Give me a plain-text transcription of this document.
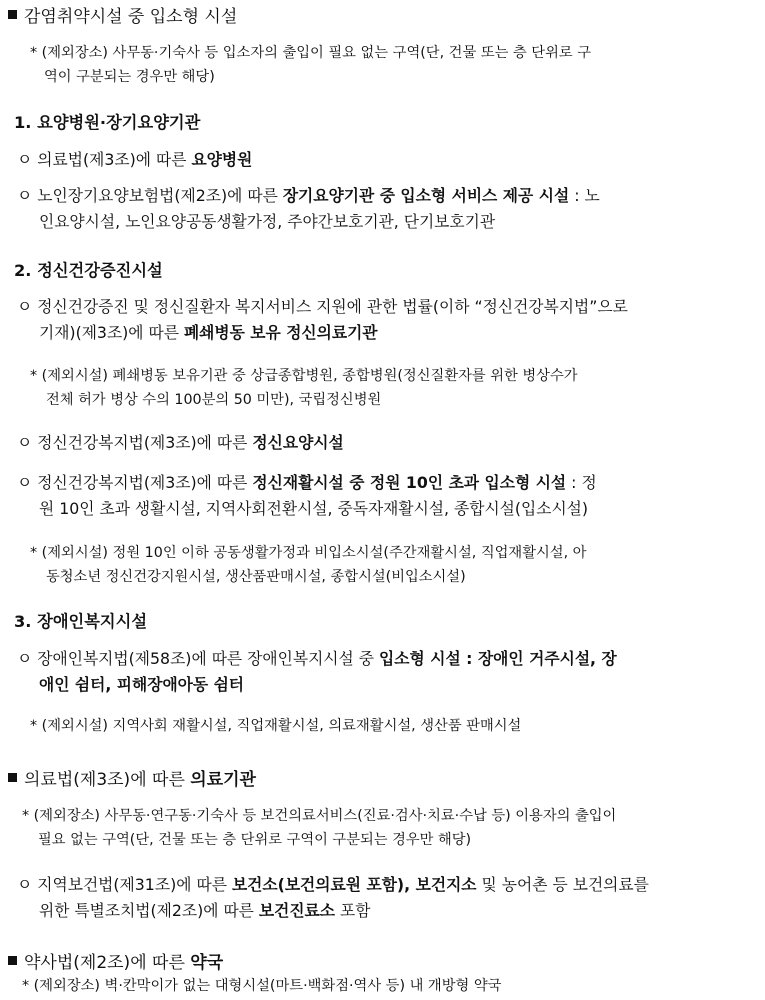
감염취약시설 중 입소형 시설
* (제외장소) 사무동·기숙사 등 입소자의 출입이 필요 없는 구역(단, 건물 또는 층 단위로 구
역이 구분되는 경우만 해당)
1. 요양병원·장기요양기관
ㅇ 의료법(제3조)에 따른 요양병원
ㅇ 노인장기요양보험법(제2조)에 따른 장기요양기관 중 입소형 서비스 제공 시설 : 노
인요양시설, 노인요양공동생활가정, 주야간보호기관, 단기보호기관
2. 정신건강증진시설
ㅇ 정신건강증진 및 정신질환자 복지서비스 지원에 관한 법률(이하 “정신건강복지법”으로
기재)(제3조)에 따른 폐쇄병동 보유 정신의료기관
* (제외시설) 폐쇄병동 보유기관 중 상급종합병원, 종합병원(정신질환자를 위한 병상수가
전체 허가 병상 수의 100분의 50 미만), 국립정신병원
ㅇ 정신건강복지법(제3조)에 따른 정신요양시설
ㅇ 정신건강복지법(제3조)에 따른 정신재활시설 중 정원 10인 초과 입소형 시설 : 정
원 10인 초과 생활시설, 지역사회전환시설, 중독자재활시설, 종합시설(입소시설)
* (제외시설) 정원 10인 이하 공동생활가정과 비입소시설(주간재활시설, 직업재활시설, 아
동청소년 정신건강지원시설, 생산품판매시설, 종합시설(비입소시설)
3. 장애인복지시설
ㅇ 장애인복지법(제58조)에 따른 장애인복지시설 중 입소형 시설 : 장애인 거주시설, 장
애인 쉼터, 피해장애아동 쉼터
* (제외시설) 지역사회 재활시설, 직업재활시설, 의료재활시설, 생산품 판매시설
의료법(제3조)에 따른 의료기관
* (제외장소) 사무동·연구동·기숙사 등 보건의료서비스(진료·검사·치료·수납 등) 이용자의 출입이
필요 없는 구역(단, 건물 또는 층 단위로 구역이 구분되는 경우만 해당)
ㅇ 지역보건법(제31조)에 따른 보건소(보건의료원 포함), 보건지소 및 농어촌 등 보건의료를
위한 특별조치법(제2조)에 따른 보건진료소 포함
약사법(제2조)에 따른 약국
* (제외장소) 벽·칸막이가 없는 대형시설(마트·백화점·역사 등) 내 개방형 약국
